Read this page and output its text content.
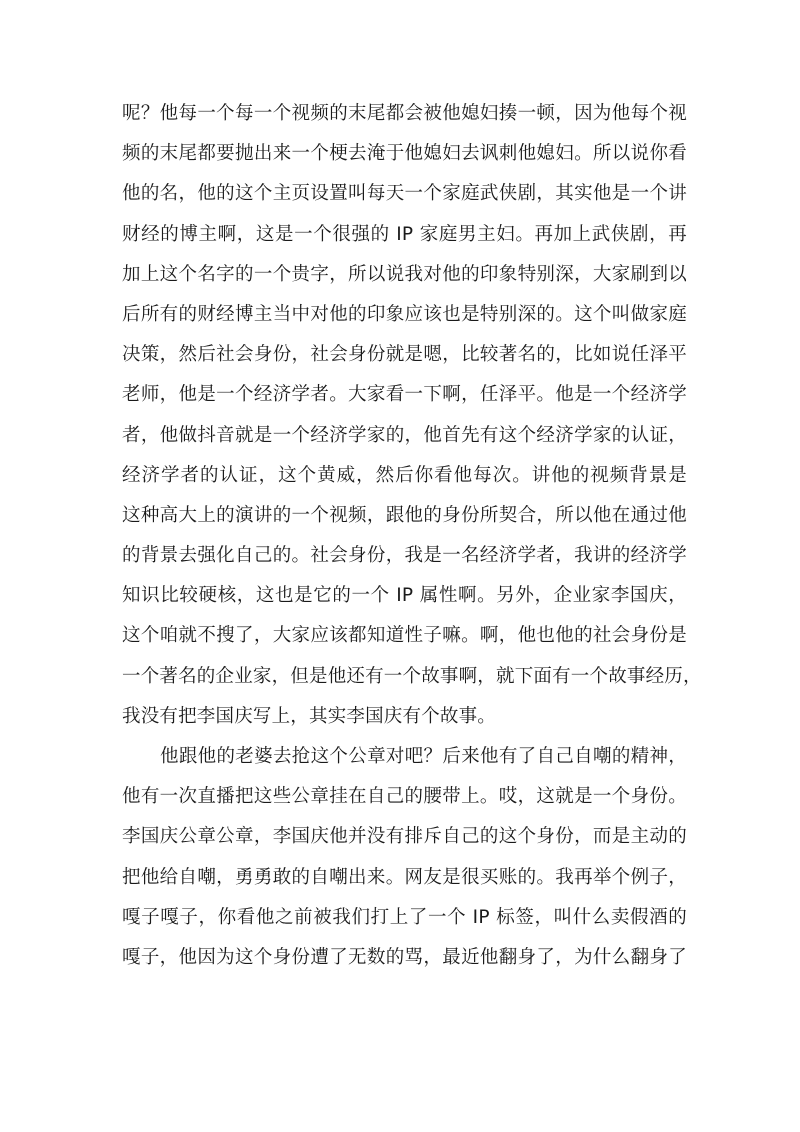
呢？他每一个每一个视频的末尾都会被他媳妇揍一顿，因为他每个视
频的末尾都要抛出来一个梗去淹于他媳妇去讽刺他媳妇。所以说你看
他的名，他的这个主页设置叫每天一个家庭武侠剧，其实他是一个讲
财经的博主啊，这是一个很强的 IP 家庭男主妇。再加上武侠剧，再
加上这个名字的一个贵字，所以说我对他的印象特别深，大家刷到以
后所有的财经博主当中对他的印象应该也是特别深的。这个叫做家庭
决策，然后社会身份，社会身份就是嗯，比较著名的，比如说任泽平
老师，他是一个经济学者。大家看一下啊，任泽平。他是一个经济学
者，他做抖音就是一个经济学家的，他首先有这个经济学家的认证，
经济学者的认证，这个黄威，然后你看他每次。讲他的视频背景是
这种高大上的演讲的一个视频，跟他的身份所契合，所以他在通过他
的背景去强化自己的。社会身份，我是一名经济学者，我讲的经济学
知识比较硬核，这也是它的一个 IP 属性啊。另外，企业家李国庆，
这个咱就不搜了，大家应该都知道性子嘛。啊，他也他的社会身份是
一个著名的企业家，但是他还有一个故事啊，就下面有一个故事经历，
我没有把李国庆写上，其实李国庆有个故事。
他跟他的老婆去抢这个公章对吧？后来他有了自己自嘲的精神，
他有一次直播把这些公章挂在自己的腰带上。哎，这就是一个身份。
李国庆公章公章，李国庆他并没有排斥自己的这个身份，而是主动的
把他给自嘲，勇勇敢的自嘲出来。网友是很买账的。我再举个例子，
嘎子嘎子，你看他之前被我们打上了一个 IP 标签，叫什么卖假酒的
嘎子，他因为这个身份遭了无数的骂，最近他翻身了，为什么翻身了
